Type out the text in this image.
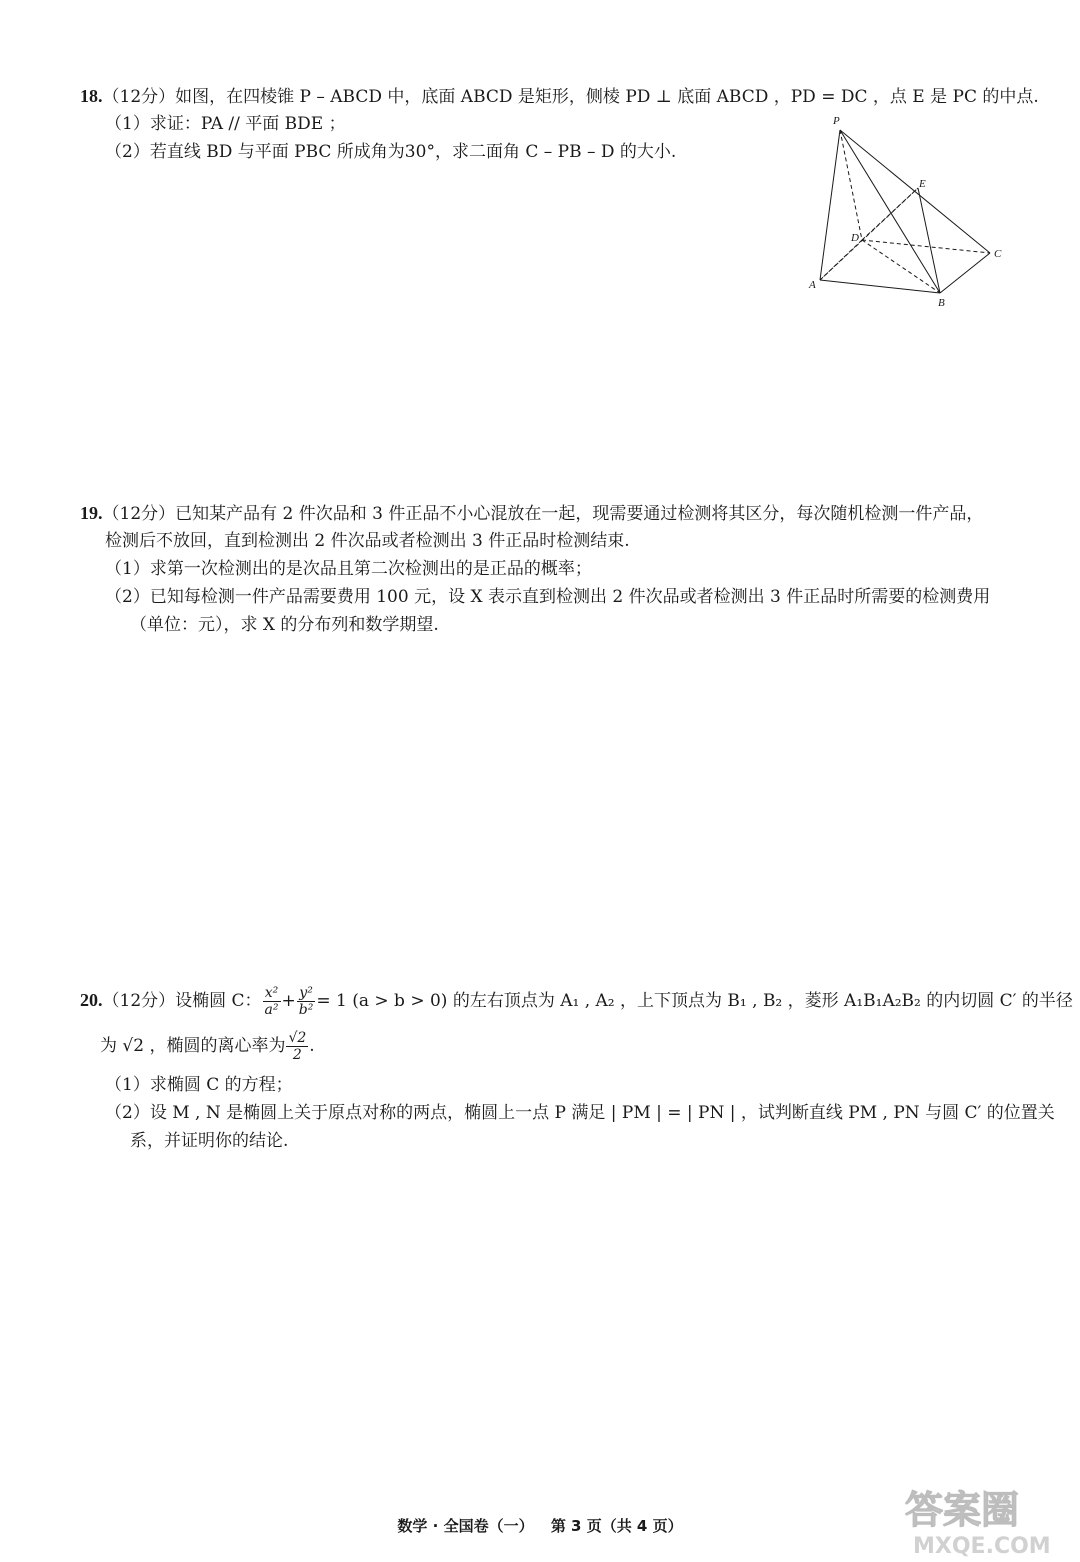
18.（12分）如图，在四棱锥 P – ABCD 中，底面 ABCD 是矩形，侧棱 PD ⊥ 底面 ABCD ，PD = DC ，点 E 是 PC 的中点.
（1）求证：PA // 平面 BDE ；
（2）若直线 BD 与平面 PBC 所成角为30°，求二面角 C – PB – D 的大小.
P
E
D
C
A
B
19.（12分）已知某产品有 2 件次品和 3 件正品不小心混放在一起，现需要通过检测将其区分，每次随机检测一件产品，
检测后不放回，直到检测出 2 件次品或者检测出 3 件正品时检测结束.
（1）求第一次检测出的是次品且第二次检测出的是正品的概率；
（2）已知每检测一件产品需要费用 100 元，设 X 表示直到检测出 2 件次品或者检测出 3 件正品时所需要的检测费用
（单位：元），求 X 的分布列和数学期望.
20.（12分）设椭圆 C： $\frac{\text{x²}}{\text{a²}} + \frac{\text{y²}}{\text{b²}} = 1$ (a > b > 0) 的左右顶点为 A₁ , A₂ ，上下顶点为 B₁ , B₂ ，菱形 A₁B₁A₂B₂ 的内切圆 C′ 的半径
为 √2 ，椭圆的离心率为 $\frac{√2}{2}$ .
（1）求椭圆 C 的方程；
（2）设 M , N 是椭圆上关于原点对称的两点，椭圆上一点 P 满足 | PM | = | PN | ，试判断直线 PM , PN 与圆 C′ 的位置关
系，并证明你的结论.
数学 · 全国卷（一） 第 3 页（共 4 页）	答案圈
MXQE.COM
